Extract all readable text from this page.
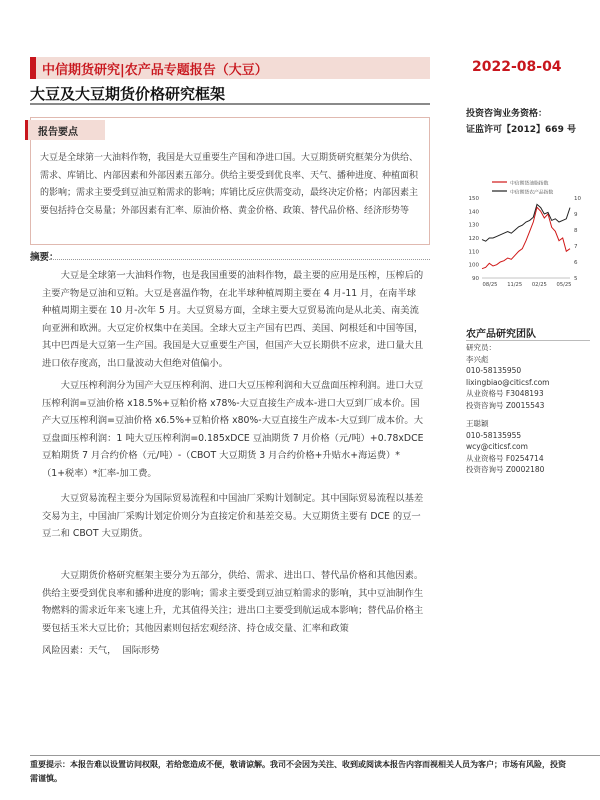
中信期货研究|农产品专题报告（大豆）	2022-08-04
大豆及大豆期货价格研究框架
投资咨询业务资格：
证监许可【2012】669 号
报告要点
大豆是全球第一大油料作物，我国是大豆重要生产国和净进口国。大豆期货研究框架分为供给、需求、库销比、内部因素和外部因素五部分。供给主要受到优良率、天气、播种进度、种植面积的影响；需求主要受到豆油豆粕需求的影响；库销比反应供需变动，最终决定价格；内部因素主要包括持仓交易量；外部因素有汇率、原油价格、黄金价格、政策、替代品价格、经济形势等
摘要：

大豆是全球第一大油料作物，也是我国重要的油料作物，最主要的应用是压榨，压榨后的主要产物是豆油和豆粕。大豆是喜温作物，在北半球种植周期主要在 4 月-11 月，在南半球种植周期主要在 10 月-次年 5 月。大豆贸易方面，全球主要大豆贸易流向是从北美、南美流向亚洲和欧洲。大豆定价权集中在美国。全球大豆主产国有巴西、美国、阿根廷和中国等国，其中巴西是大豆第一生产国。我国是大豆重要生产国，但国产大豆长期供不应求，进口量大且进口依存度高，出口量波动大但绝对值偏小。

大豆压榨利润分为国产大豆压榨利润、进口大豆压榨利润和大豆盘面压榨利润。进口大豆压榨利润=豆油价格 x18.5%+豆粕价格 x78%-大豆直接生产成本-进口大豆到厂成本价。国产大豆压榨利润=豆油价格 x6.5%+豆粕价格 x80%-大豆直接生产成本-大豆到厂成本价。大豆盘面压榨利润：1 吨大豆压榨利润=0.185xDCE 豆油期货 7 月价格（元/吨）+0.78xDCE 豆粕期货 7 月合约价格（元/吨）-（CBOT 大豆期货 3 月合约价格+升贴水+海运费）*（1+税率）*汇率-加工费。

大豆贸易流程主要分为国际贸易流程和中国油厂采购计划制定。其中国际贸易流程以基差交易为主，中国油厂采购计划定价则分为直接定价和基差交易。大豆期货主要有 DCE 的豆一豆二和 CBOT 大豆期货。

大豆期货价格研究框架主要分为五部分，供给、需求、进出口、替代品价格和其他因素。供给主要受到优良率和播种进度的影响；需求主要受到豆油豆粕需求的影响，其中豆油制作生物燃料的需求近年来飞速上升，尤其值得关注；进出口主要受到航运成本影响；替代品价格主要包括玉米大豆比价；其他因素则包括宏观经济、持仓成交量、汇率和政策

风险因素：天气， 国际形势
中信期货油脂指数
中信期货农产品指数
150
140
130
120
110
100
90
10
9
8
7
6
5
08/25 11/25 02/25 05/25
农产品研究团队
研究员：
李兴彪
010-58135950
lixingbiao@citicsf.com
从业资格号 F3048193
投资咨询号 Z0015543
王聪颖
010-58135955
wcy@citicsf.com
从业资格号 F0254714
投资咨询号 Z0002180
重要提示：本报告难以设置访问权限，若给您造成不便，敬请谅解。我司不会因为关注、收到或阅读本报告内容而视相关人员为客户；市场有风险，投资需谨慎。
